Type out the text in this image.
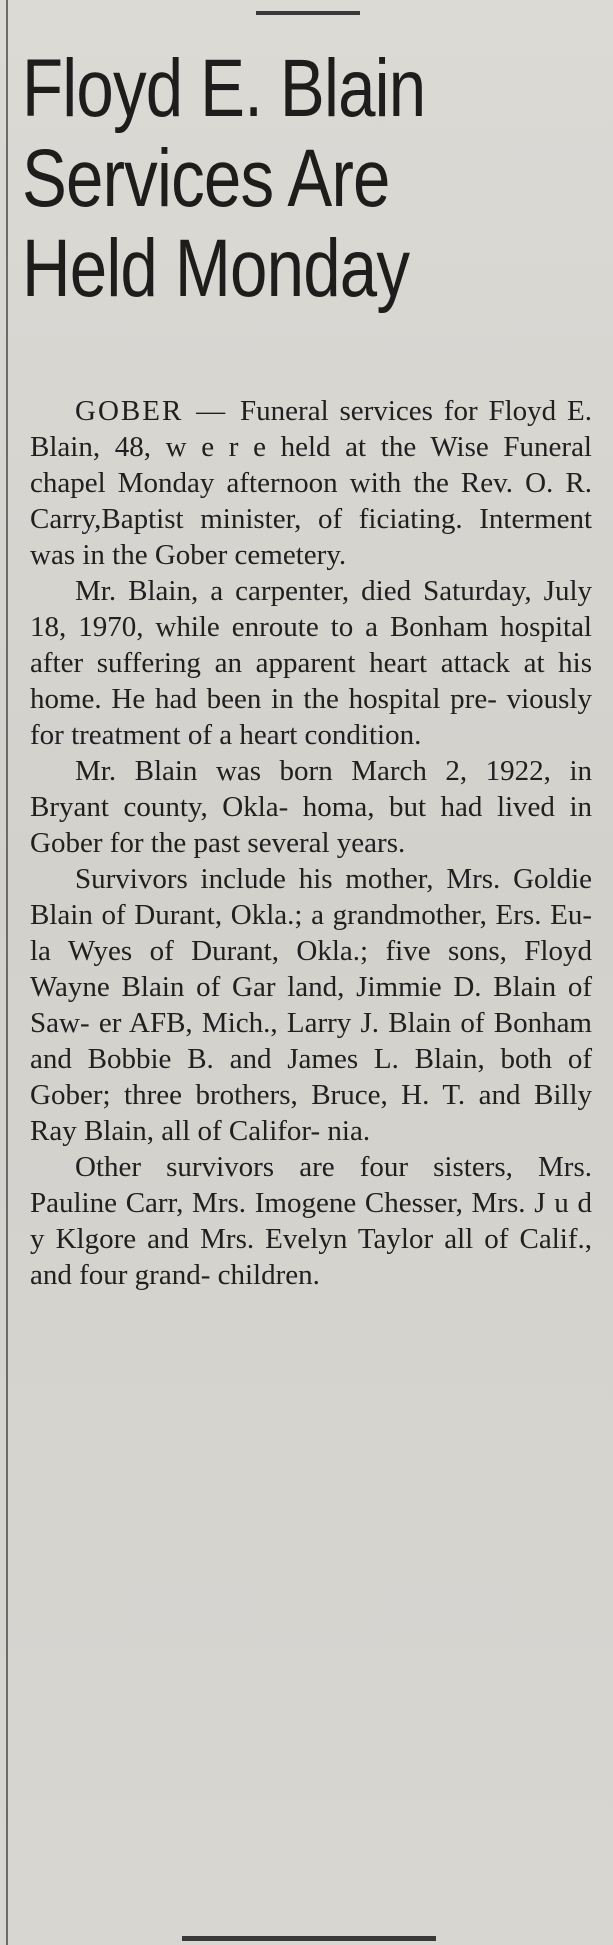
Floyd E. Blain
Services Are
Held Monday

GOBER — Funeral services for Floyd E. Blain, 48, w e r e held at the Wise Funeral chapel Monday afternoon with the Rev. O. R. Carry,Baptist minister, of ficiating. Interment was in the Gober cemetery.

Mr. Blain, a carpenter, died Saturday, July 18, 1970, while enroute to a Bonham hospital after suffering an apparent heart attack at his home. He had been in the hospital pre- viously for treatment of a heart condition.

Mr. Blain was born March 2, 1922, in Bryant county, Okla- homa, but had lived in Gober for the past several years.

Survivors include his mother, Mrs. Goldie Blain of Durant, Okla.; a grandmother, Ers. Eu- la Wyes of Durant, Okla.; five sons, Floyd Wayne Blain of Gar land, Jimmie D. Blain of Saw- er AFB, Mich., Larry J. Blain of Bonham and Bobbie B. and James L. Blain, both of Gober; three brothers, Bruce, H. T. and Billy Ray Blain, all of Califor- nia.

Other survivors are four sisters, Mrs. Pauline Carr, Mrs. Imogene Chesser, Mrs. J u d y Klgore and Mrs. Evelyn Taylor all of Calif., and four grand- children.
